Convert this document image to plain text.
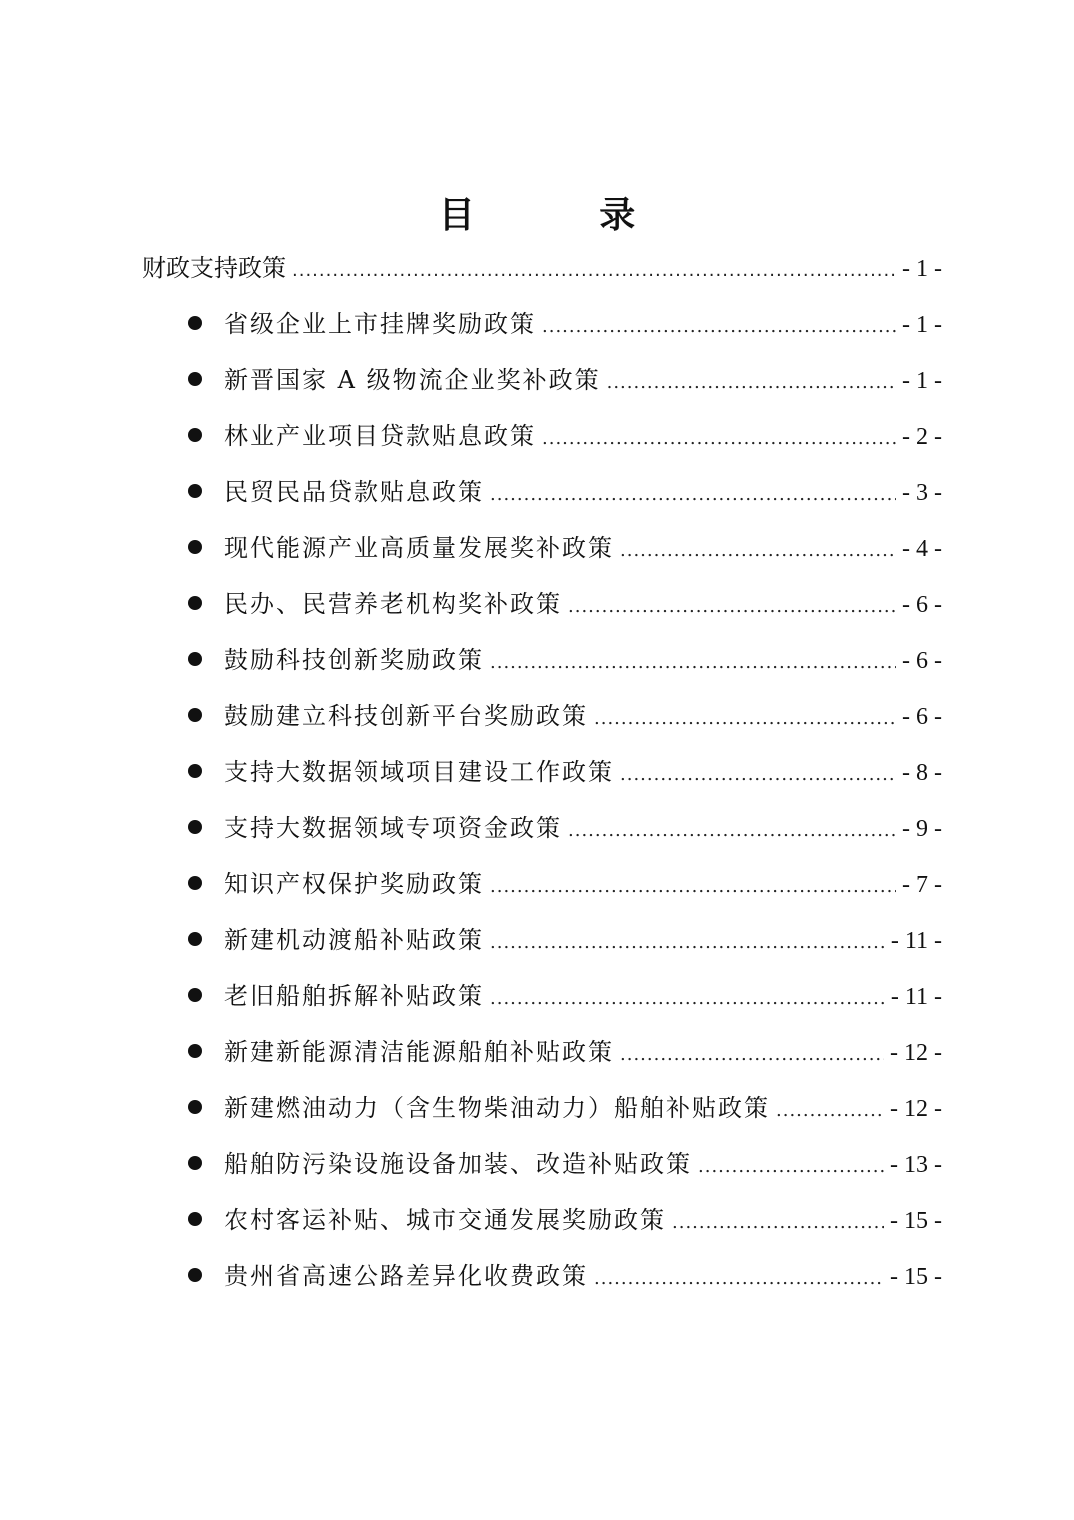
目 录
财政支持政策 .....	- 1 -
省级企业上市挂牌奖励政策 .....	- 1 -
新晋国家 A 级物流企业奖补政策 .....	- 1 -
林业产业项目贷款贴息政策 .....	- 2 -
民贸民品贷款贴息政策 .....	- 3 -
现代能源产业高质量发展奖补政策 .....	- 4 -
民办、民营养老机构奖补政策 .....	- 6 -
鼓励科技创新奖励政策 .....	- 6 -
鼓励建立科技创新平台奖励政策 .....	- 6 -
支持大数据领域项目建设工作政策 .....	- 8 -
支持大数据领域专项资金政策 .....	- 9 -
知识产权保护奖励政策 .....	- 7 -
新建机动渡船补贴政策 .....	- 11 -
老旧船舶拆解补贴政策 .....	- 11 -
新建新能源清洁能源船舶补贴政策 .....	- 12 -
新建燃油动力（含生物柴油动力）船舶补贴政策 .....	- 12 -
船舶防污染设施设备加装、改造补贴政策 .....	- 13 -
农村客运补贴、城市交通发展奖励政策 .....	- 15 -
贵州省高速公路差异化收费政策 .....	- 15 -
